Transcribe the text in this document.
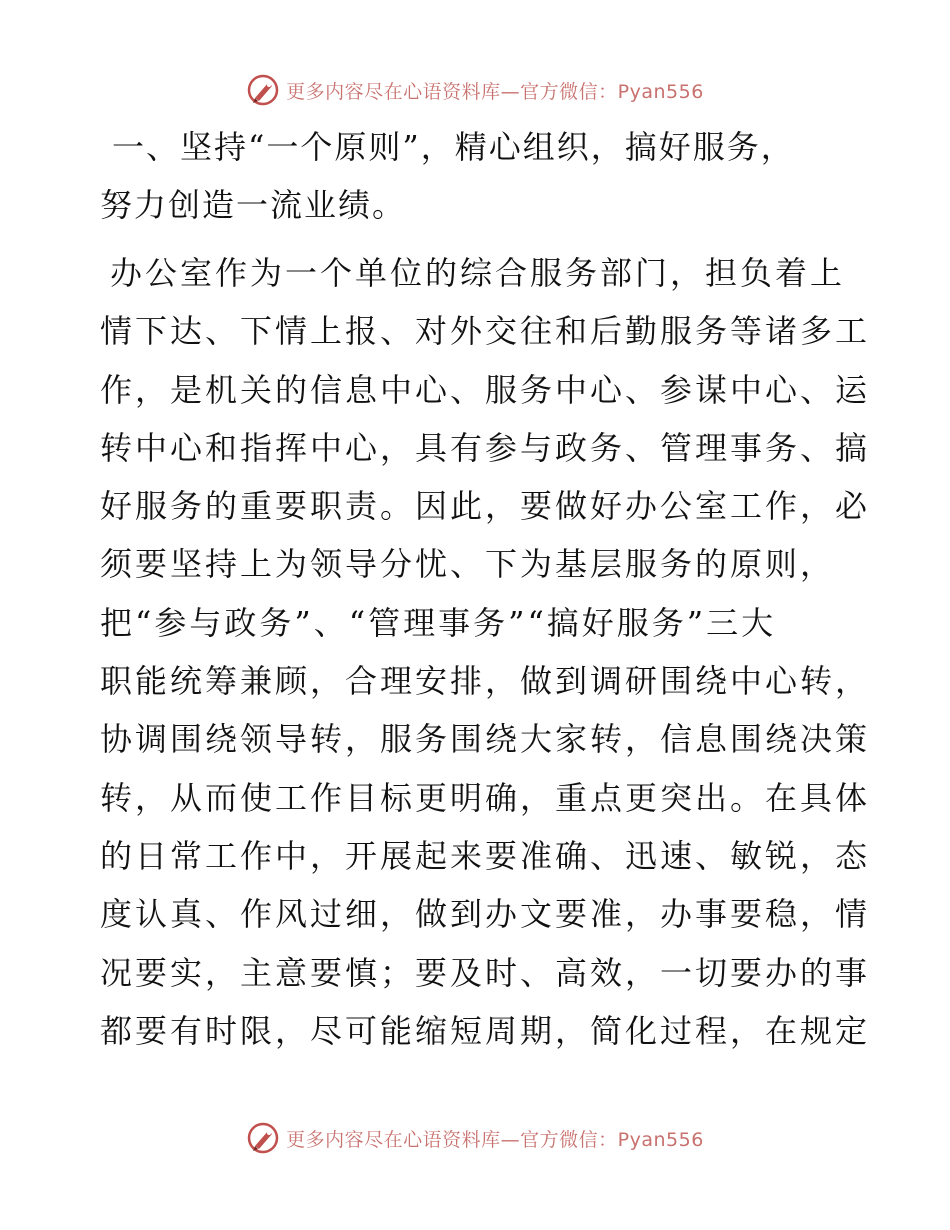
更多内容尽在心语资料库—官方微信：Pyan556

一、坚持“一个原则”，精心组织，搞好服务，
努力创造一流业绩。

办公室作为一个单位的综合服务部门，担负着上
情下达、下情上报、对外交往和后勤服务等诸多工
作，是机关的信息中心、服务中心、参谋中心、运
转中心和指挥中心，具有参与政务、管理事务、搞
好服务的重要职责。因此，要做好办公室工作，必
须要坚持上为领导分忧、下为基层服务的原则，
把“参与政务”、“管理事务”“搞好服务”三大
职能统筹兼顾，合理安排，做到调研围绕中心转，
协调围绕领导转，服务围绕大家转，信息围绕决策
转，从而使工作目标更明确，重点更突出。在具体
的日常工作中，开展起来要准确、迅速、敏锐，态
度认真、作风过细，做到办文要准，办事要稳，情
况要实，主意要慎；要及时、高效，一切要办的事
都要有时限，尽可能缩短周期，简化过程，在规定

更多内容尽在心语资料库—官方微信：Pyan556
